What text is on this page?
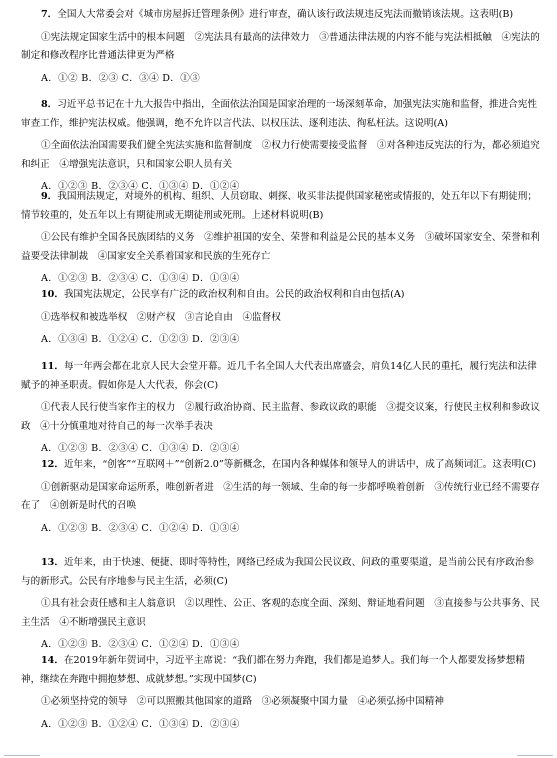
7．全国人大常委会对《城市房屋拆迁管理条例》进行审查，确认该行政法规违反宪法而撤销该法规。这表明(B)
①宪法规定国家生活中的根本问题　②宪法具有最高的法律效力　③普通法律法规的内容不能与宪法相抵触　④宪法的制定和修改程序比普通法律更为严格
A．①② B．②③ C．③④ D．①③
8．习近平总书记在十九大报告中指出，全面依法治国是国家治理的一场深刻革命，加强宪法实施和监督，推进合宪性审查工作，维护宪法权威。他强调，绝不允许以言代法、以权压法、逐利违法、徇私枉法。这说明(A)
①全面依法治国需要我们健全宪法实施和监督制度　②权力行使需要接受监督　③对各种违反宪法的行为，都必须追究和纠正　④增强宪法意识，只和国家公职人员有关
A．①②③ B．②③④ C．①③④ D．①②④
9．我国刑法规定，对境外的机构、组织、人员窃取、刺探、收买非法提供国家秘密或情报的，处五年以下有期徒刑；情节较重的，处五年以上有期徒刑或无期徒刑或死刑。上述材料说明(B)
①公民有维护全国各民族团结的义务　②维护祖国的安全、荣誉和利益是公民的基本义务　③破坏国家安全、荣誉和利益要受法律制裁　④国家安全关系着国家和民族的生死存亡
A．①②③ B．②③④ C．①③④ D．①③④
10．我国宪法规定，公民享有广泛的政治权利和自由。公民的政治权利和自由包括(A)
①选举权和被选举权　②财产权　③言论自由　④监督权
A．①③④ B．①②④ C．①②③ D．②③④
11．每一年两会都在北京人民大会堂开幕。近几千名全国人大代表出席盛会，肩负14亿人民的重托，履行宪法和法律赋予的神圣职责。假如你是人大代表，你会(C)
①代表人民行使当家作主的权力　②履行政治协商、民主监督、参政议政的职能　③提交议案，行使民主权利和参政议政　④十分慎重地对待自己的每一次举手表决
A．①②③ B．②③④ C．①③④ D．②③④
12．近年来，“创客”“互联网＋”“创新2.0”等新概念，在国内各种媒体和领导人的讲话中，成了高频词汇。这表明(C)
①创新驱动是国家命运所系，唯创新者进　②生活的每一领域、生命的每一步都呼唤着创新　③传统行业已经不需要存在了　④创新是时代的召唤
A．①②③ B．②③④ C．①②④ D．①③④
13．近年来，由于快速、便捷、即时等特性，网络已经成为我国公民议政、问政的重要渠道，是当前公民有序政治参与的新形式。公民有序地参与民主生活，必须(C)
①具有社会责任感和主人翁意识　②以理性、公正、客观的态度全面、深刻、辩证地看问题　③直接参与公共事务、民主生活　④不断增强民主意识
A．①②③ B．②③④ C．①②④ D．①③④
14．在2019年新年贺词中，习近平主席说：“我们都在努力奔跑，我们都是追梦人。我们每一个人都要发扬梦想精神，继续在奔跑中拥抱梦想、成就梦想。”实现中国梦(C)
①必须坚持党的领导　②可以照搬其他国家的道路　③必须凝聚中国力量　④必须弘扬中国精神
A．①②③ B．①②④ C．①③④ D．②③④
